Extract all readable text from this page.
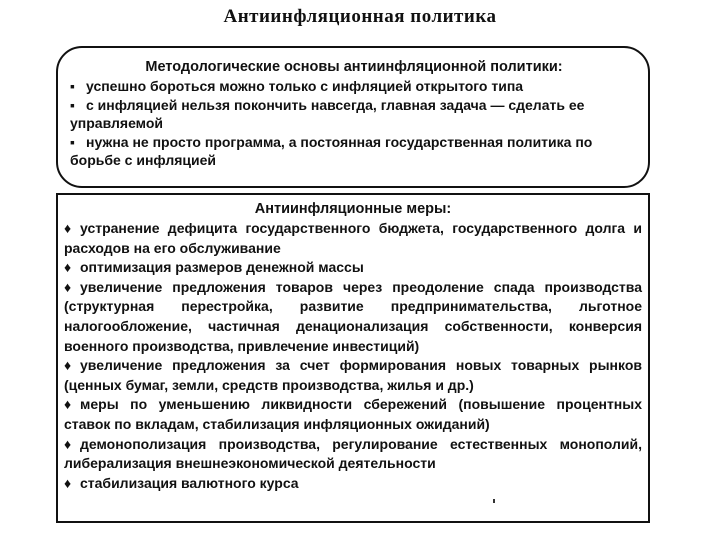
Антиинфляционная политика
Методологические основы антиинфляционной политики:
▪ успешно бороться можно только с инфляцией открытого типа
▪ с инфляцией нельзя покончить навсегда, главная задача — сделать ее управляемой
▪ нужна не просто программа, а постоянная государственная политика по борьбе с инфляцией
Антиинфляционные меры:
♦ устранение дефицита государственного бюджета, государственного долга и расходов на его обслуживание
♦ оптимизация размеров денежной массы
♦ увеличение предложения товаров через преодоление спада производства (структурная перестройка, развитие предпринимательства, льготное налогообложение, частичная денационализация собственности, конверсия военного производства, привлечение инвестиций)
♦ увеличение предложения за счет формирования новых товарных рынков (ценных бумаг, земли, средств производства, жилья и др.)
♦ меры по уменьшению ликвидности сбережений (повышение процентных ставок по вкладам, стабилизация инфляционных ожиданий)
♦ демонополизация производства, регулирование естественных монополий, либерализация внешнеэкономической деятельности
♦ стабилизация валютного курса
